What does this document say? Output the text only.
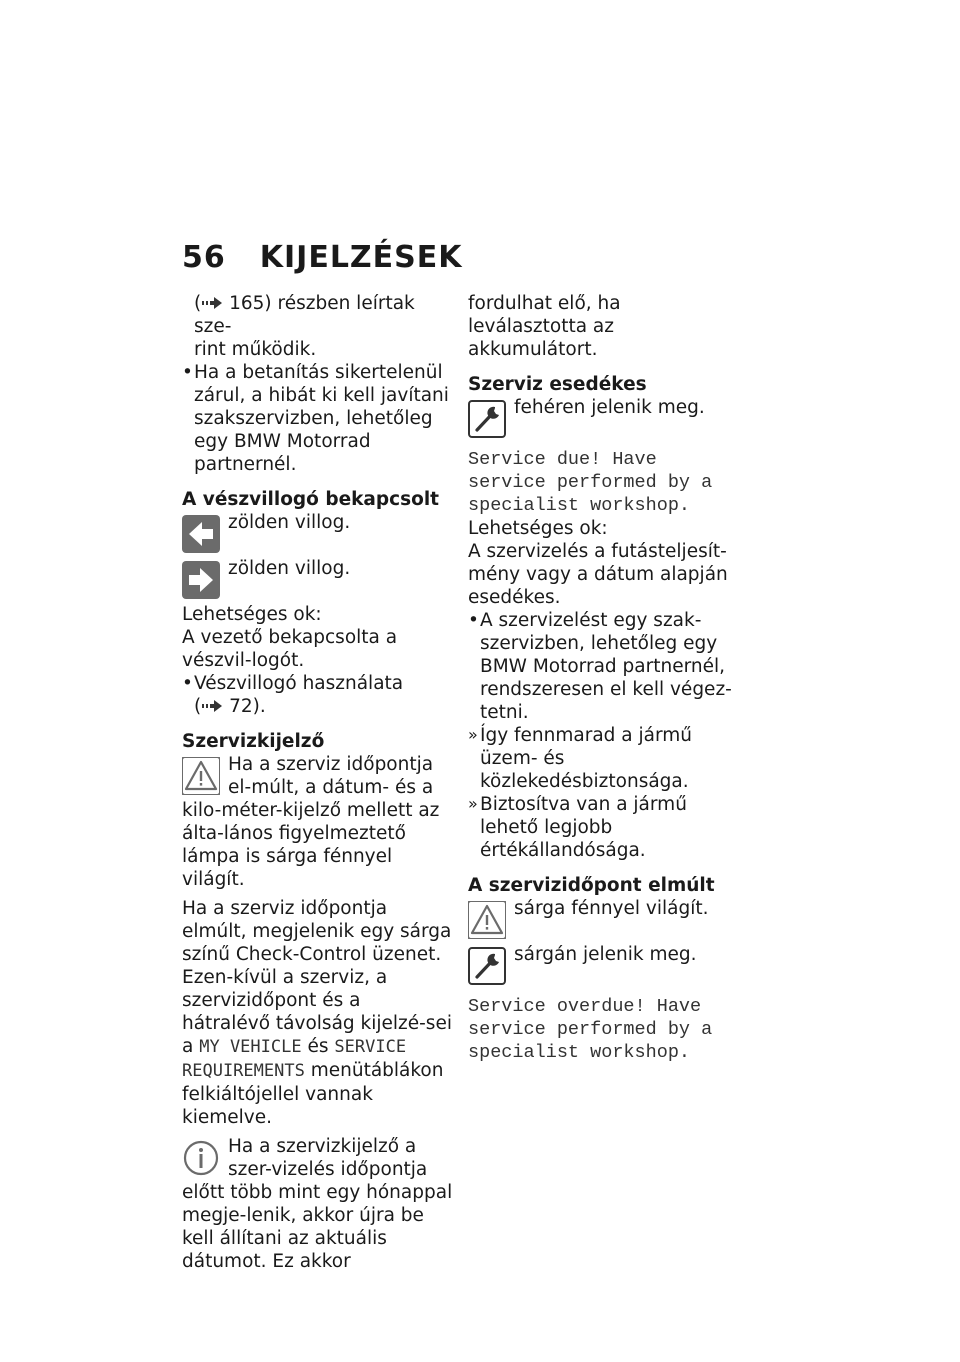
56 KIJELZÉSEK

( 165) részben leírtak sze-
rint működik.

• Ha a betanítás sikertelenül zárul, a hibát ki kell javítani szakszervizben, lehetőleg egy BMW Motorrad partnernél.

A vészvillogó bekapcsolt

zölden villog.
zölden villog.

Lehetséges ok:

A vezető bekapcsolta a vészvil-logót.

• Vészvillogó használata
( 72).

Szervizkijelző

Ha a szerviz időpontja el-múlt, a dátum- és a kilo-méter-kijelző mellett az álta-lános figyelmeztető lámpa is sárga fénnyel világít.

Ha a szerviz időpontja elmúlt, megjelenik egy sárga színű Check-Control üzenet. Ezen-kívül a szerviz, a szervizidőpont és a hátralévő távolság kijelzé-sei a MY VEHICLE és SERVICE REQUIREMENTS menütáblákon felkiáltójellel vannak kiemelve.

Ha a szervizkijelző a szer-vizelés időpontja előtt több mint egy hónappal megje-lenik, akkor újra be kell állítani az aktuális dátumot. Ez akkor

fordulhat elő, ha leválasztotta az akkumulátort.

Szerviz esedékes

fehéren jelenik meg.

Service due! Have

service performed by a

specialist workshop.

Lehetséges ok:

A szervizelés a futásteljesít-mény vagy a dátum alapján esedékes.

• A szervizelést egy szak-szervizben, lehetőleg egy BMW Motorrad partnernél, rendszeresen el kell végez-tetni.

» Így fennmarad a jármű üzem- és közlekedésbiztonsága.

» Biztosítva van a jármű lehető legjobb értékállandósága.

A szervizidőpont elmúlt

sárga fénnyel világít.
sárgán jelenik meg.

Service overdue! Have

service performed by a

specialist workshop.
